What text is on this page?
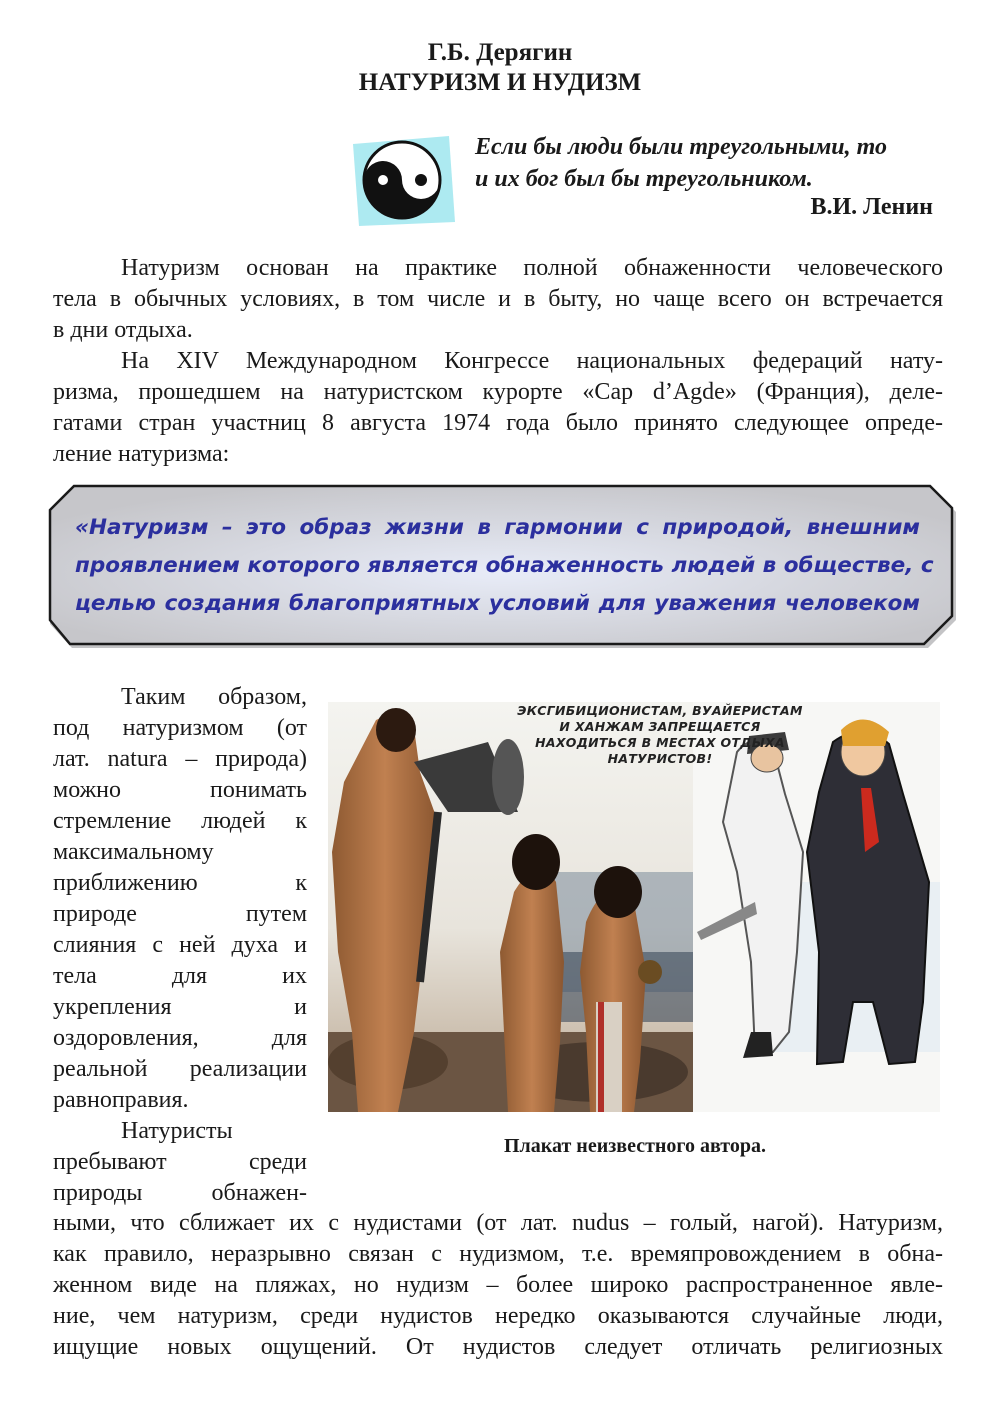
Г.Б. Дерягин
НАТУРИЗМ И НУДИЗМ
Если бы люди были треугольными, то
и их бог был бы треугольником.
В.И. Ленин
Натуризм основан на практике полной обнаженности человеческого
тела в обычных условиях, в том числе и в быту, но чаще всего он встречается
в дни отдыха.
На XIV Международном Конгрессе национальных федераций нату-
ризма, прошедшем на натуристском курорте «Cap d’Agde» (Франция), деле-
гатами стран участниц 8 августа 1974 года было принято следующее опреде-
ление натуризма:
«Натуризм – это образ жизни в гармонии с природой, внешним
проявлением которого является обнаженность людей в обществе, с
целью создания благоприятных условий для уважения человеком
Таким образом,
под натуризмом (от
лат. natura – природа)
можно понимать
стремление людей к
максимальному
приближению к
природе путем
слияния с ней духа и
тела для их
укрепления и
оздоровления, для
реальной реализации
равноправия.
Натуристы
пребывают среди
природы обнажен-
ЭКСГИБИЦИОНИСТАМ, ВУАЙЕРИСТАМ
И ХАНЖАМ ЗАПРЕЩАЕТСЯ
НАХОДИТЬСЯ В МЕСТАХ ОТДЫХА
НАТУРИСТОВ!
Плакат неизвестного автора.
ными, что сближает их с нудистами (от лат. nudus – голый, нагой). Натуризм,
как правило, неразрывно связан с нудизмом, т.е. времяпровождением в обна-
женном виде на пляжах, но нудизм – более широко распространенное явле-
ние, чем натуризм, среди нудистов нередко оказываются случайные люди,
ищущие новых ощущений. От нудистов следует отличать религиозных
